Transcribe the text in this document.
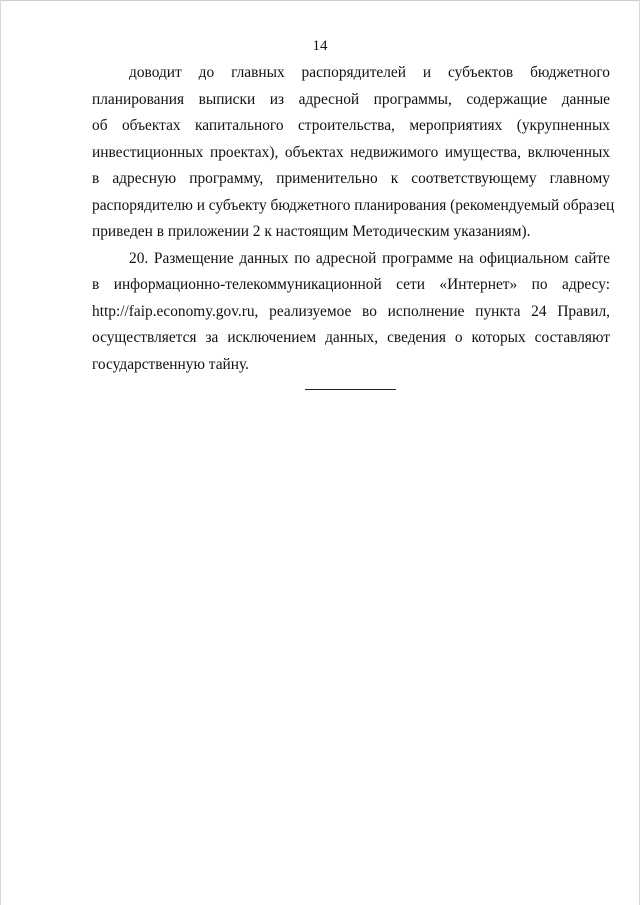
14

доводит до главных распорядителей и субъектов бюджетного
планирования выписки из адресной программы, содержащие данные
об объектах капитального строительства, мероприятиях (укрупненных
инвестиционных проектах), объектах недвижимого имущества, включенных
в адресную программу, применительно к соответствующему главному
распорядителю и субъекту бюджетного планирования (рекомендуемый образец
приведен в приложении 2 к настоящим Методическим указаниям).

20. Размещение данных по адресной программе на официальном сайте
в информационно-телекоммуникационной сети «Интернет» по адресу:
http://faip.economy.gov.ru, реализуемое во исполнение пункта 24 Правил,
осуществляется за исключением данных, сведения о которых составляют
государственную тайну.
